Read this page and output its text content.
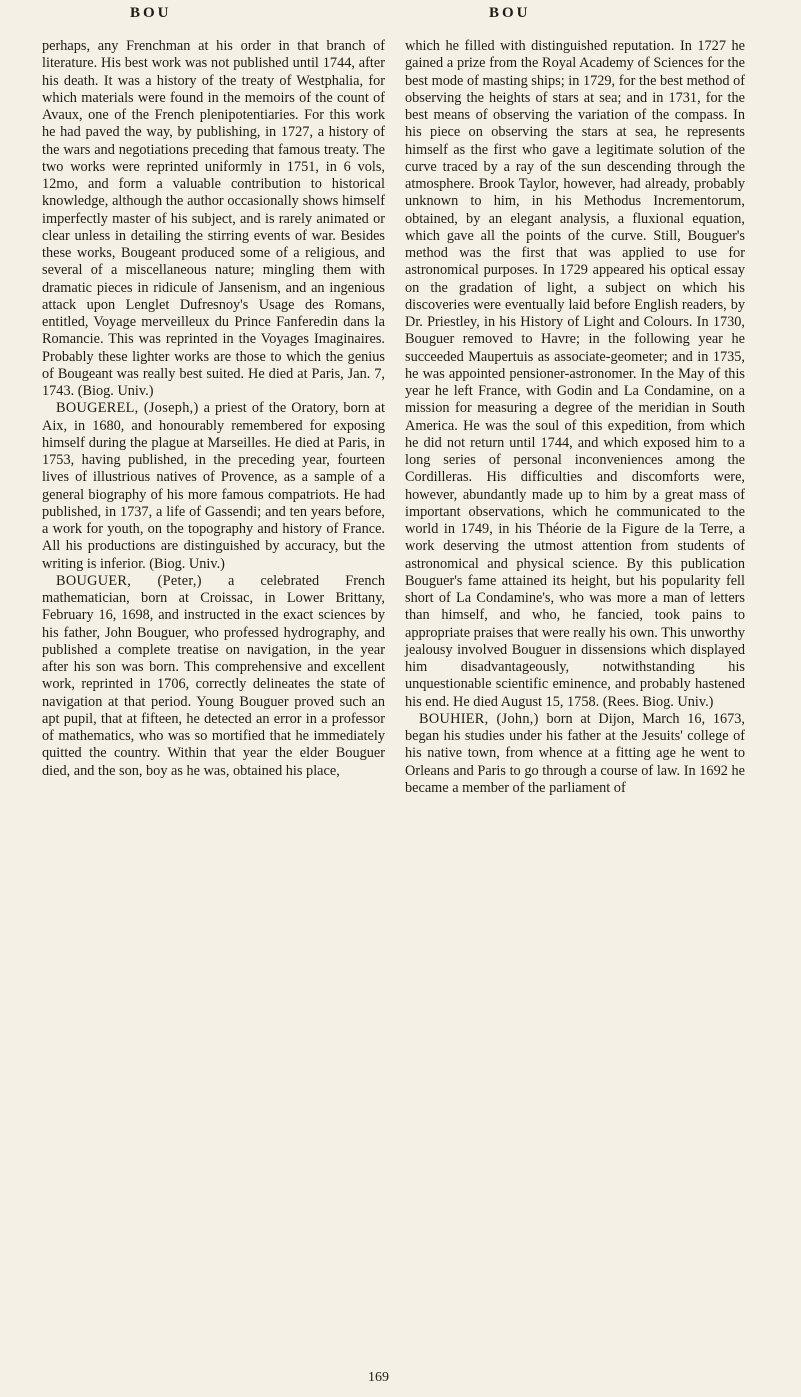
BOU	BOU

perhaps, any Frenchman at his order in that branch of literature. His best work was not published until 1744, after his death. It was a history of the treaty of Westphalia, for which materials were found in the memoirs of the count of Avaux, one of the French plenipotentiaries. For this work he had paved the way, by publishing, in 1727, a history of the wars and negotiations preceding that famous treaty. The two works were reprinted uniformly in 1751, in 6 vols, 12mo, and form a valuable contribution to historical knowledge, although the author occasionally shows himself imperfectly master of his subject, and is rarely animated or clear unless in detailing the stirring events of war. Besides these works, Bougeant produced some of a religious, and several of a miscellaneous nature; mingling them with dramatic pieces in ridicule of Jansenism, and an ingenious attack upon Lenglet Dufresnoy's Usage des Romans, entitled, Voyage merveilleux du Prince Fanferedin dans la Romancie. This was reprinted in the Voyages Imaginaires. Probably these lighter works are those to which the genius of Bougeant was really best suited. He died at Paris, Jan. 7, 1743. (Biog. Univ.)

BOUGEREL, (Joseph,) a priest of the Oratory, born at Aix, in 1680, and honourably remembered for exposing himself during the plague at Marseilles. He died at Paris, in 1753, having published, in the preceding year, fourteen lives of illustrious natives of Provence, as a sample of a general biography of his more famous compatriots. He had published, in 1737, a life of Gassendi; and ten years before, a work for youth, on the topography and history of France. All his productions are distinguished by accuracy, but the writing is inferior. (Biog. Univ.)

BOUGUER, (Peter,) a celebrated French mathematician, born at Croissac, in Lower Brittany, February 16, 1698, and instructed in the exact sciences by his father, John Bouguer, who professed hydrography, and published a complete treatise on navigation, in the year after his son was born. This comprehensive and excellent work, reprinted in 1706, correctly delineates the state of navigation at that period. Young Bouguer proved such an apt pupil, that at fifteen, he detected an error in a professor of mathematics, who was so mortified that he immediately quitted the country. Within that year the elder Bouguer died, and the son, boy as he was, obtained his place,

which he filled with distinguished reputation. In 1727 he gained a prize from the Royal Academy of Sciences for the best mode of masting ships; in 1729, for the best method of observing the heights of stars at sea; and in 1731, for the best means of observing the variation of the compass. In his piece on observing the stars at sea, he represents himself as the first who gave a legitimate solution of the curve traced by a ray of the sun descending through the atmosphere. Brook Taylor, however, had already, probably unknown to him, in his Methodus Incrementorum, obtained, by an elegant analysis, a fluxional equation, which gave all the points of the curve. Still, Bouguer's method was the first that was applied to use for astronomical purposes. In 1729 appeared his optical essay on the gradation of light, a subject on which his discoveries were eventually laid before English readers, by Dr. Priestley, in his History of Light and Colours. In 1730, Bouguer removed to Havre; in the following year he succeeded Maupertuis as associate-geometer; and in 1735, he was appointed pensioner-astronomer. In the May of this year he left France, with Godin and La Condamine, on a mission for measuring a degree of the meridian in South America. He was the soul of this expedition, from which he did not return until 1744, and which exposed him to a long series of personal inconveniences among the Cordilleras. His difficulties and discomforts were, however, abundantly made up to him by a great mass of important observations, which he communicated to the world in 1749, in his Théorie de la Figure de la Terre, a work deserving the utmost attention from students of astronomical and physical science. By this publication Bouguer's fame attained its height, but his popularity fell short of La Condamine's, who was more a man of letters than himself, and who, he fancied, took pains to appropriate praises that were really his own. This unworthy jealousy involved Bouguer in dissensions which displayed him disadvantageously, notwithstanding his unquestionable scientific eminence, and probably hastened his end. He died August 15, 1758. (Rees. Biog. Univ.)

BOUHIER, (John,) born at Dijon, March 16, 1673, began his studies under his father at the Jesuits' college of his native town, from whence at a fitting age he went to Orleans and Paris to go through a course of law. In 1692 he became a member of the parliament of

169
